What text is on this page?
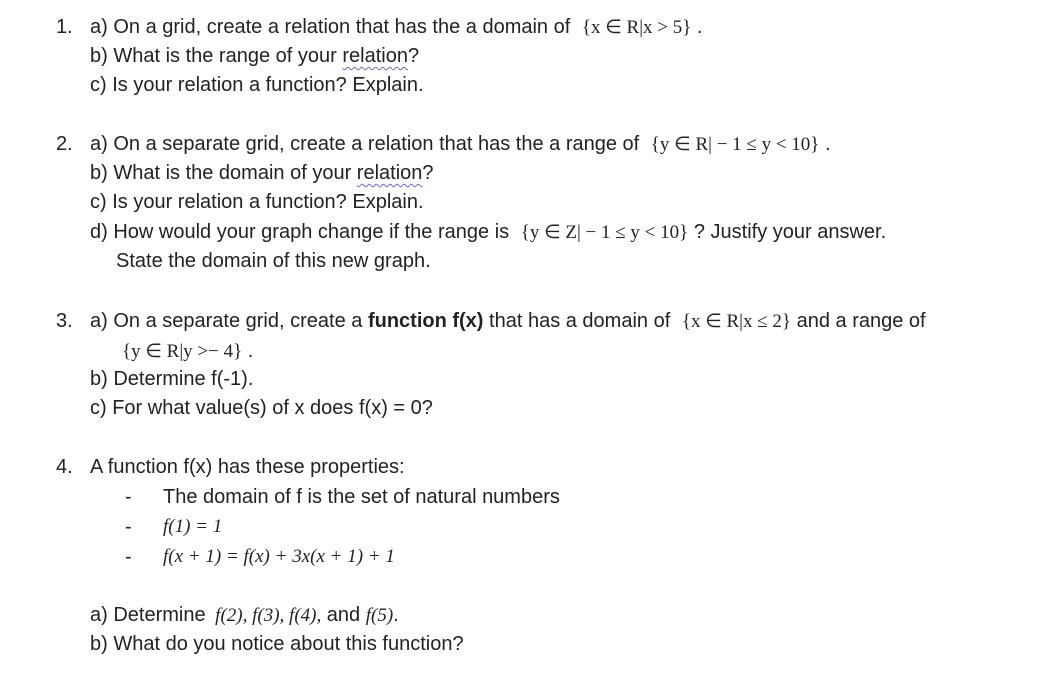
1. a) On a grid, create a relation that has the a domain of {x ∈ R|x > 5} .
b) What is the range of your relation?
c) Is your relation a function? Explain.
2. a) On a separate grid, create a relation that has the a range of {y ∈ R| − 1 ≤ y < 10} .
b) What is the domain of your relation?
c) Is your relation a function? Explain.
d) How would your graph change if the range is {y ∈ Z| − 1 ≤ y < 10} ? Justify your answer.
State the domain of this new graph.
3. a) On a separate grid, create a function f(x) that has a domain of {x ∈ R|x ≤ 2} and a range of
{y ∈ R|y >− 4} .
b) Determine f(-1).
c) For what value(s) of x does f(x) = 0?
4. A function f(x) has these properties:
- The domain of f is the set of natural numbers
- f(1) = 1
- f(x + 1) = f(x) + 3x(x + 1) + 1
a) Determine f(2), f(3), f(4), and f(5).
b) What do you notice about this function?
